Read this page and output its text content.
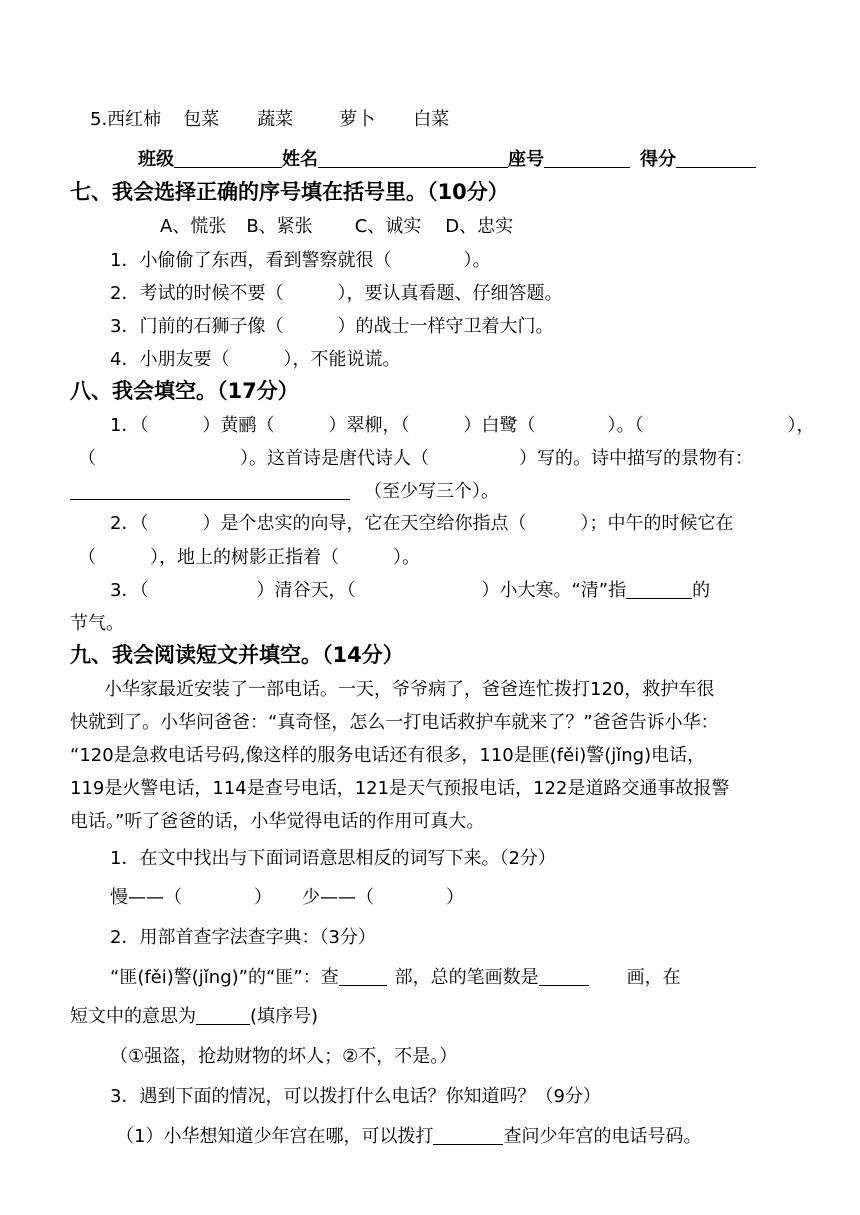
5.西红柿 包菜 蔬菜	萝卜 白菜
班级	姓名	座号	得分
七、我会选择正确的序号填在括号里。（10分）
A、慌张 B、紧张 C、诚实 D、忠实
1．小偷偷了东西，看到警察就很（　　　　）。
2．考试的时候不要（　　　），要认真看题、仔细答题。
3．门前的石狮子像（　　　）的战士一样守卫着大门。
4．小朋友要（　　　），不能说谎。
八、我会填空。（17分）
1．（　　　）黄鹂（　　　）翠柳，（　　　）白鹭（　　　　）。（　　　　　　　　），
（　　　　　　　　）。这首诗是唐代诗人（　　　　　）写的。诗中描写的景物有：
（至少写三个）。
2．（　　　）是个忠实的向导，它在天空给你指点（　　　）；中午的时候它在
（　　　），地上的树影正指着（　　　）。
3．（　　　　　　）清谷天，（　　　　　　　）小大寒。“清”指	的
节气。
九、我会阅读短文并填空。（14分）
小华家最近安装了一部电话。一天，爷爷病了，爸爸连忙拨打120，救护车很
快就到了。小华问爸爸：“真奇怪，怎么一打电话救护车就来了？”爸爸告诉小华：
“120是急救电话号码,像这样的服务电话还有很多，110是匪(fěi)警(jǐng)电话，
119是火警电话，114是查号电话，121是天气预报电话，122是道路交通事故报警
电话。”听了爸爸的话，小华觉得电话的作用可真大。
1．在文中找出与下面词语意思相反的词写下来。（2分）
慢——（　　　　） 少——（　　　　）
2．用部首查字法查字典：（3分）
“匪(fěi)警(jǐng)”的“匪”：查	部，总的笔画数是	画，在
短文中的意思为	(填序号)
（①强盗，抢劫财物的坏人；②不，不是。）
3．遇到下面的情况，可以拨打什么电话？你知道吗？（9分）
（1）小华想知道少年宫在哪，可以拨打	查问少年宫的电话号码。
